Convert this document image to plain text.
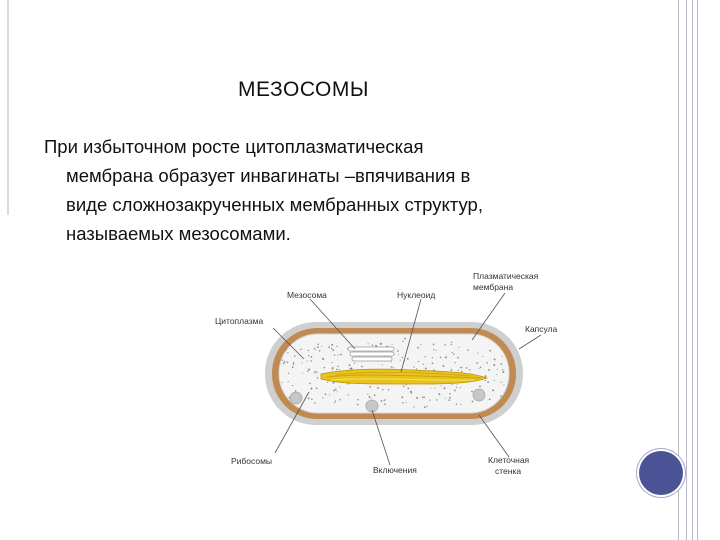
МЕЗОСОМЫ
При избыточном росте цитоплазматическая
мембрана образует инвагинаты –впячивания в
виде сложнозакрученных мембранных структур,
называемых мезосомами.
Мезосома	Нуклеоид
Плазматическая
мембрана
Капсула
Цитоплазма
Рибосомы
Включения
Клеточная
стенка
